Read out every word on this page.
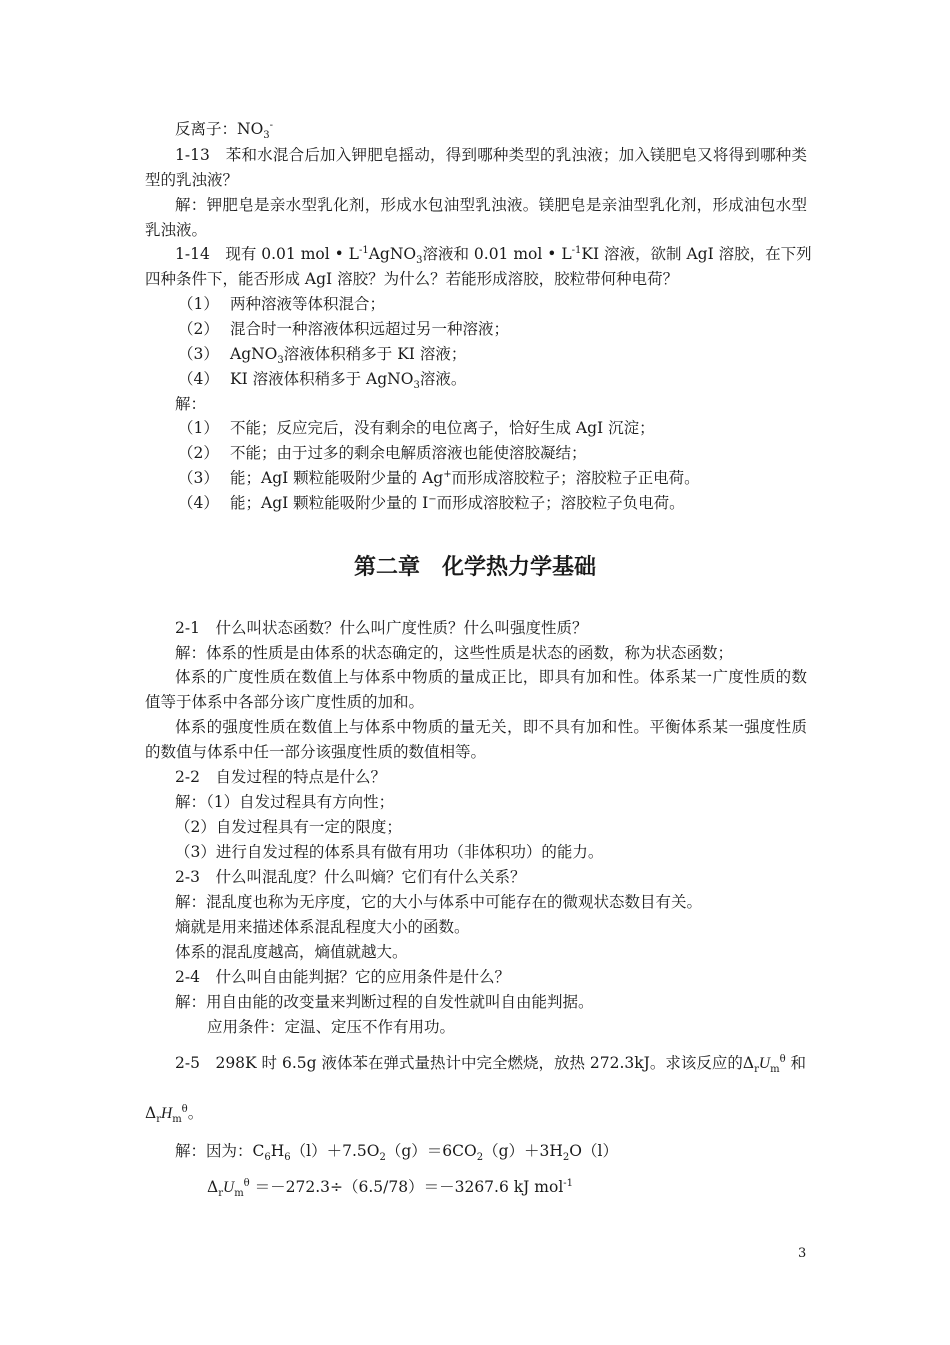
反离子：$NO_3^-$
1-13　苯和水混合后加入钾肥皂摇动，得到哪种类型的乳浊液；加入镁肥皂又将得到哪种类型的乳浊液？
解：钾肥皂是亲水型乳化剂，形成水包油型乳浊液。镁肥皂是亲油型乳化剂，形成油包水型乳浊液。
1-14　现有 0.01 mol • $L^{-1}AgNO_3$溶液和 0.01 mol • $L^{-1}KI$ 溶液，欲制 AgI 溶胶，在下列
四种条件下，能否形成 AgI 溶胶？为什么？若能形成溶胶，胶粒带何种电荷？
（1） 两种溶液等体积混合；
（2） 混合时一种溶液体积远超过另一种溶液；
（3） AgNO$_3$溶液体积稍多于 KI 溶液；
（4） KI 溶液体积稍多于 AgNO$_3$溶液。
解：
（1） 不能；反应完后，没有剩余的电位离子，恰好生成 AgI 沉淀；
（2） 不能；由于过多的剩余电解质溶液也能使溶胶凝结；
（3） 能；AgI 颗粒能吸附少量的 Ag+而形成溶胶粒子；溶胶粒子正电荷。
（4） 能；AgI 颗粒能吸附少量的 I−而形成溶胶粒子；溶胶粒子负电荷。
第二章　化学热力学基础
2-1　什么叫状态函数？什么叫广度性质？什么叫强度性质？
解：体系的性质是由体系的状态确定的，这些性质是状态的函数，称为状态函数；
体系的广度性质在数值上与体系中物质的量成正比，即具有加和性。体系某一广度性质的数值等于体系中各部分该广度性质的加和。
体系的强度性质在数值上与体系中物质的量无关，即不具有加和性。平衡体系某一强度性质的数值与体系中任一部分该强度性质的数值相等。
2-2　自发过程的特点是什么？
解：（1）自发过程具有方向性；
（2）自发过程具有一定的限度；
（3）进行自发过程的体系具有做有用功（非体积功）的能力。
2-3　什么叫混乱度？什么叫熵？它们有什么关系？
解：混乱度也称为无序度，它的大小与体系中可能存在的微观状态数目有关。
熵就是用来描述体系混乱程度大小的函数。
体系的混乱度越高，熵值就越大。
2-4　什么叫自由能判据？它的应用条件是什么？
解：用自由能的改变量来判断过程的自发性就叫自由能判据。
应用条件：定温、定压不作有用功。
2-5　298K 时 6.5g 液体苯在弹式量热计中完全燃烧，放热 272.3kJ。求该反应的$\Delta_rU_m^\theta$ 和
$\Delta_rH_m^\theta$。
解：因为：$C_6H_6(l)+7.5O_2(g)=6CO_2(g)+3H_2O(l)$
$\Delta_rU_m^\theta =-272.3\div(6.5/78)=-3267.6$ kJ mol$^{-1}$
3
